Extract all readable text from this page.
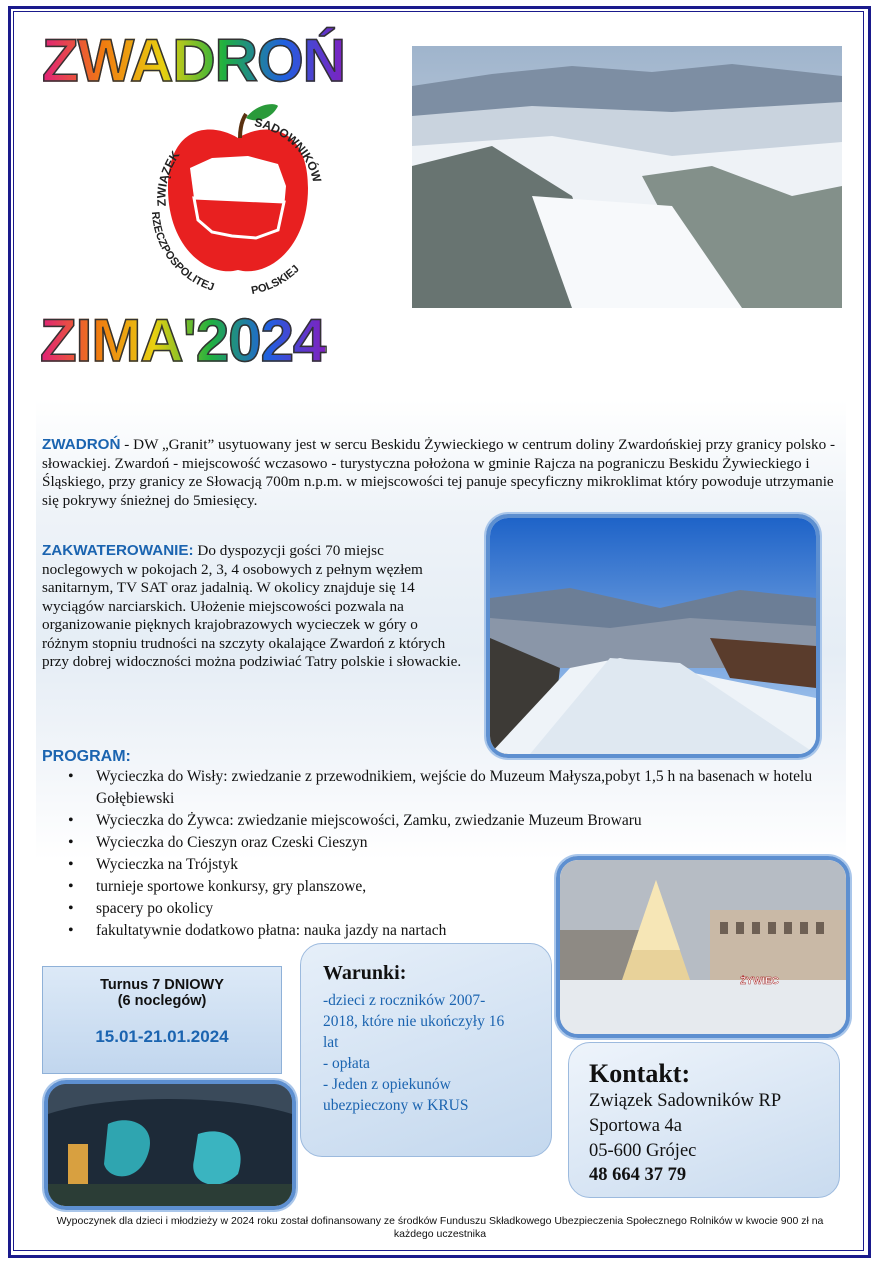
ZWADROŃ
ZIMA'2024
ZWIĄZEK
SADOWNIKÓW
RZECZPOSPOLITEJ	POLSKIEJ
ZWADROŃ - DW „Granit” usytuowany jest w sercu Beskidu Żywieckiego w centrum doliny Zwardońskiej przy granicy polsko - słowackiej. Zwardoń - miejscowość wczasowo - turystyczna położona w gminie Rajcza na pograniczu Beskidu Żywieckiego i Śląskiego, przy granicy ze Słowacją 700m n.p.m. w miejscowości tej panuje specyficzny mikroklimat który powoduje utrzymanie się pokrywy śnieżnej do 5miesięcy.
ZAKWATEROWANIE: Do dyspozycji gości 70 miejsc noclegowych w pokojach 2, 3, 4 osobowych z pełnym węzłem sanitarnym, TV SAT oraz jadalnią. W okolicy znajduje się 14 wyciągów narciarskich. Ułożenie miejscowości pozwala na organizowanie pięknych krajobrazowych wycieczek w góry o różnym stopniu trudności na szczyty okalające Zwardoń z których przy dobrej widoczności można podziwiać Tatry polskie i słowackie.
PROGRAM:
• Wycieczka do Wisły: zwiedzanie z przewodnikiem, wejście do Muzeum Małysza,pobyt 1,5 h na basenach w hotelu Gołębiewski
• Wycieczka do Żywca: zwiedzanie miejscowości, Zamku, zwiedzanie Muzeum Browaru
• Wycieczka do Cieszyn oraz Czeski Cieszyn
• Wycieczka na Trójstyk
• turnieje sportowe konkursy, gry planszowe,
• spacery po okolicy
• fakultatywnie dodatkowo płatna: nauka jazdy na nartach
ŻYWIEC
Turnus 7 DNIOWY
(6 noclegów)
15.01-21.01.2024
Warunki:
-dzieci z roczników 2007- 2018, które nie ukończyły 16 lat
- opłata
- Jeden z opiekunów ubezpieczony w KRUS
Kontakt:
Związek Sadowników RP
Sportowa 4a
05-600 Grójec
48 664 37 79
Wypoczynek dla dzieci i młodzieży w 2024 roku został dofinansowany ze środków Funduszu Składkowego Ubezpieczenia Społecznego Rolników w kwocie 900 zł na każdego uczestnika
